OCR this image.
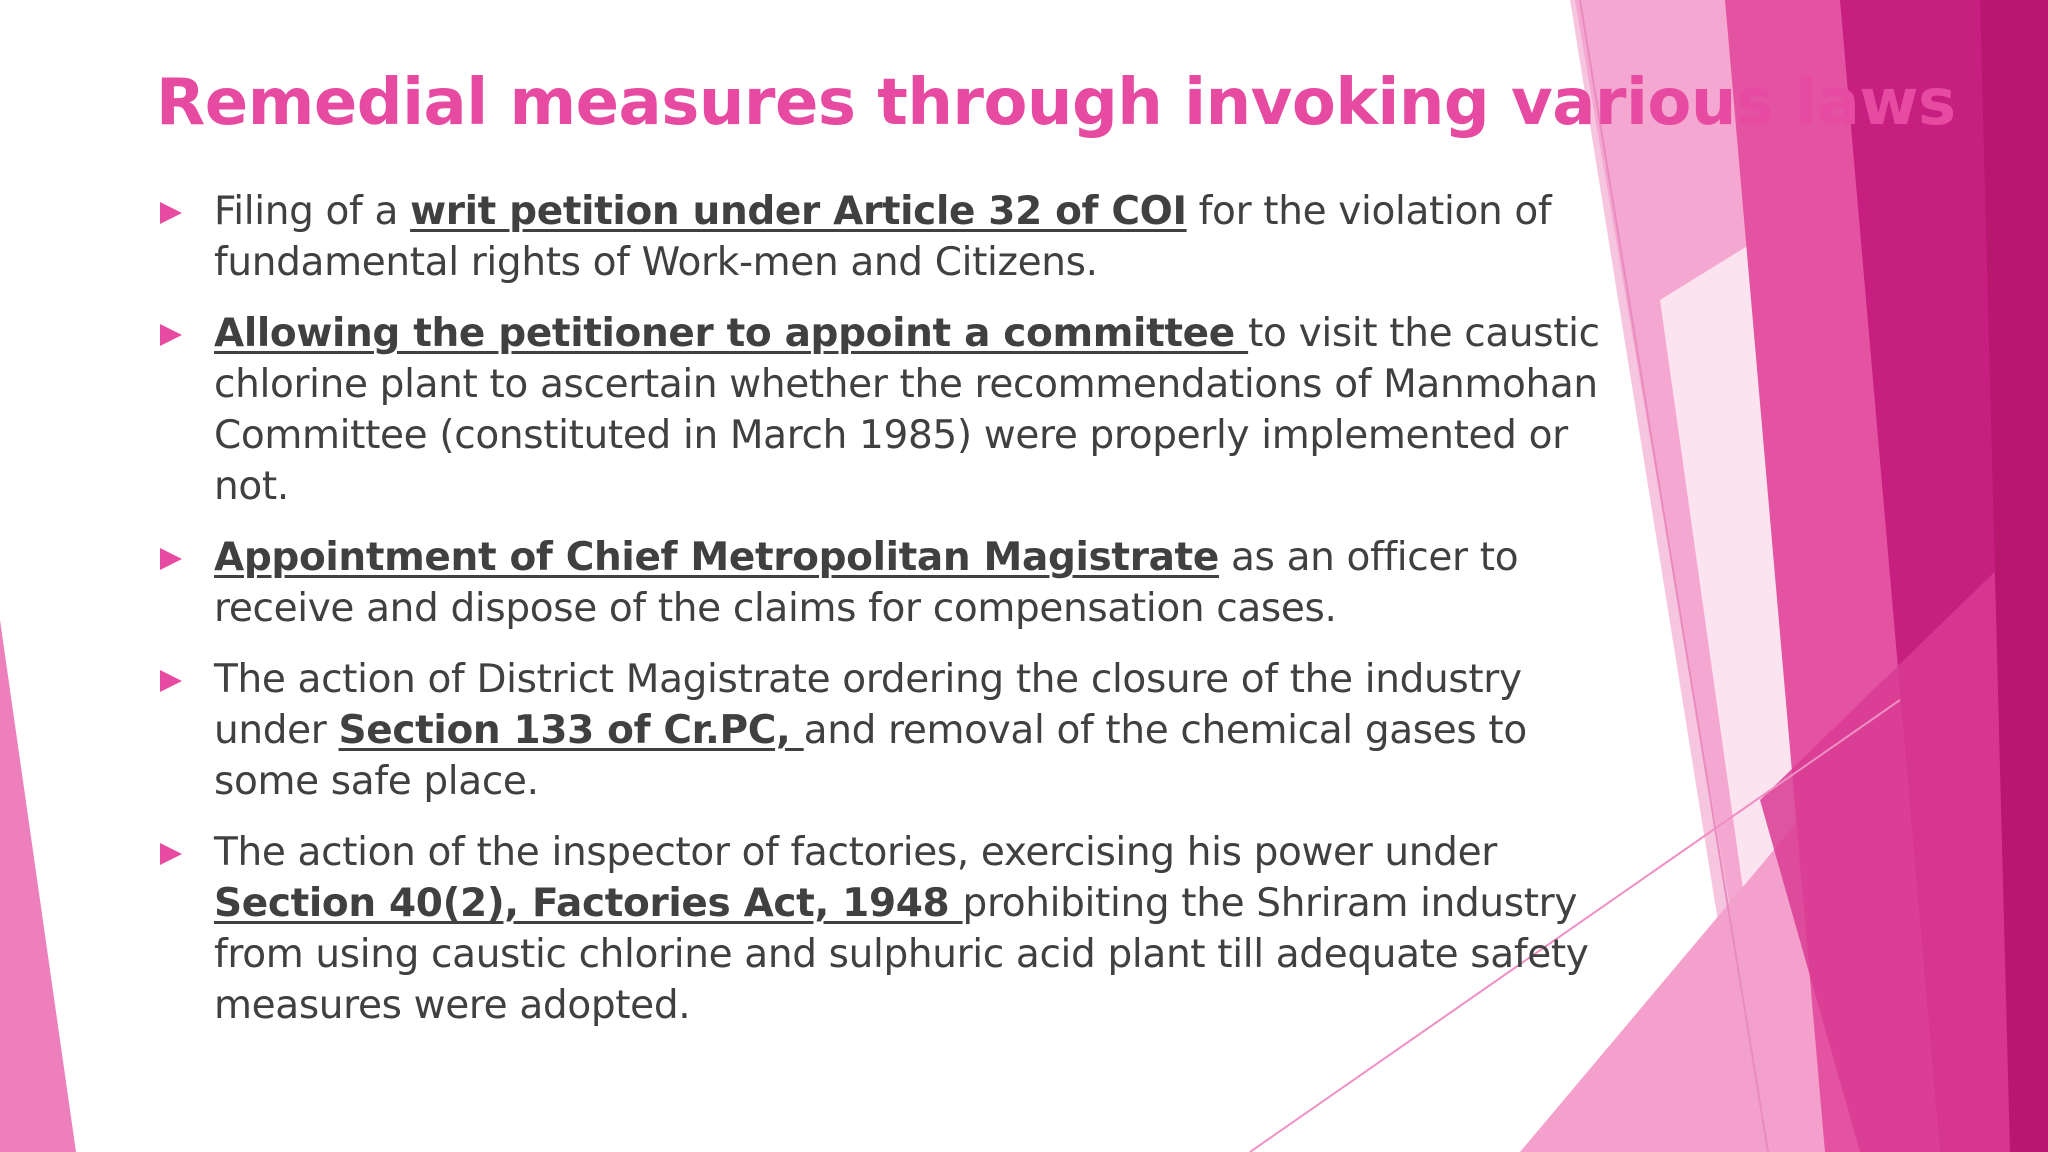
Remedial measures through invoking various laws
Filing of a writ petition under Article 32 of COI for the violation of fundamental rights of Work-men and Citizens.
Allowing the petitioner to appoint a committee to visit the caustic chlorine plant to ascertain whether the recommendations of Manmohan Committee (constituted in March 1985) were properly implemented or not.
Appointment of Chief Metropolitan Magistrate as an officer to receive and dispose of the claims for compensation cases.
The action of District Magistrate ordering the closure of the industry under Section 133 of Cr.PC, and removal of the chemical gases to some safe place.
The action of the inspector of factories, exercising his power under Section 40(2), Factories Act, 1948 prohibiting the Shriram industry from using caustic chlorine and sulphuric acid plant till adequate safety measures were adopted.
